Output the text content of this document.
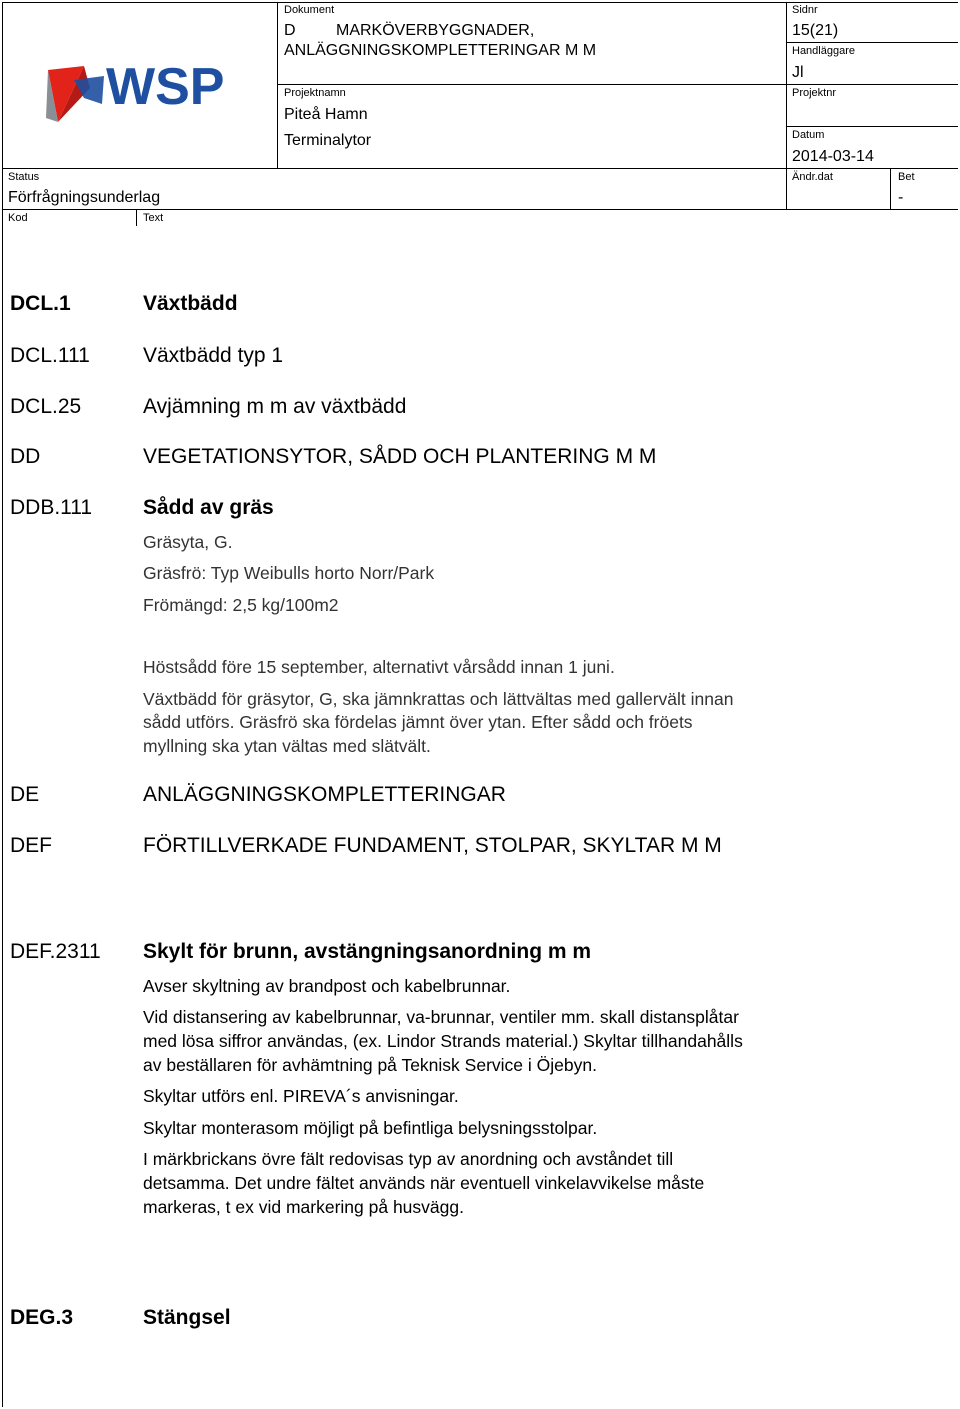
WSP
Dokument
D	MARKÖVERBYGGNADER,
ANLÄGGNINGSKOMPLETTERINGAR M M
Sidnr
15(21)
Handläggare
Jl
Projektnamn
Piteå Hamn
Terminalytor
Projektnr
Datum
2014-03-14
Status
Förfrågningsunderlag
Ändr.dat	Bet
-
Kod	Text
DCL.1	Växtbädd
DCL.111	Växtbädd typ 1
DCL.25	Avjämning m m av växtbädd
DD	VEGETATIONSYTOR, SÅDD OCH PLANTERING M M
DDB.111 Sådd av gräs
Gräsyta, G.
Gräsfrö: Typ Weibulls horto Norr/Park
Frömängd: 2,5 kg/100m2
Höstsådd före 15 september, alternativt vårsådd innan 1 juni.
Växtbädd för gräsytor, G, ska jämnkrattas och lättvältas med gallervält innan
sådd utförs. Gräsfrö ska fördelas jämnt över ytan. Efter sådd och fröets
myllning ska ytan vältas med slätvält.
DE	ANLÄGGNINGSKOMPLETTERINGAR
DEF	FÖRTILLVERKADE FUNDAMENT, STOLPAR, SKYLTAR M M
DEF.2311 Skylt för brunn, avstängningsanordning m m
Avser skyltning av brandpost och kabelbrunnar.
Vid distansering av kabelbrunnar, va-brunnar, ventiler mm. skall distansplåtar
med lösa siffror användas, (ex. Lindor Strands material.) Skyltar tillhandahålls
av beställaren för avhämtning på Teknisk Service i Öjebyn.
Skyltar utförs enl. PIREVA´s anvisningar.
Skyltar monterasom möjligt på befintliga belysningsstolpar.
I märkbrickans övre fält redovisas typ av anordning och avståndet till
detsamma. Det undre fältet används när eventuell vinkelavvikelse måste
markeras, t ex vid markering på husvägg.
DEG.3	Stängsel
